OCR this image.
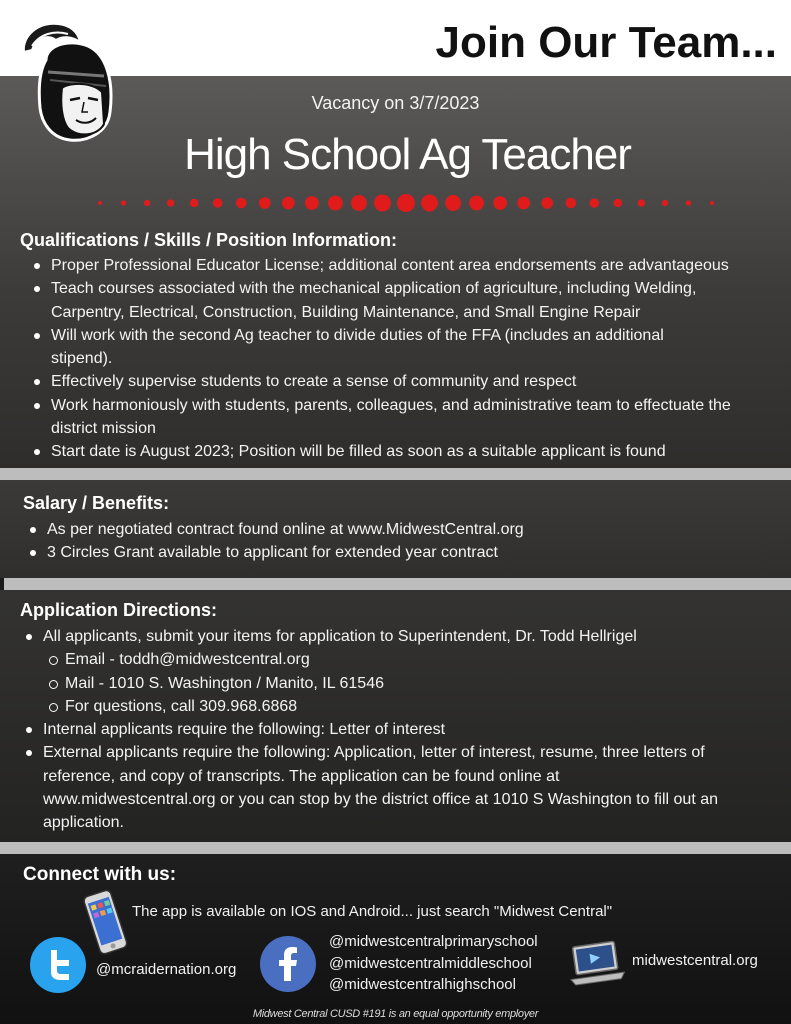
Join Our Team...
Vacancy on 3/7/2023
High School Ag Teacher
Qualifications / Skills / Position Information:
Proper Professional Educator License; additional content area endorsements are advantageous
Teach courses associated with the mechanical application of agriculture, including Welding, Carpentry, Electrical, Construction, Building Maintenance, and Small Engine Repair
Will work with the second Ag teacher to divide duties of the FFA (includes an additional stipend).
Effectively supervise students to create a sense of community and respect
Work harmoniously with students, parents, colleagues, and administrative team to effectuate the district mission
Start date is August 2023; Position will be filled as soon as a suitable applicant is found
Salary / Benefits:
As per negotiated contract found online at www.MidwestCentral.org
3 Circles Grant available to applicant for extended year contract
Application Directions:
All applicants, submit your items for application to Superintendent, Dr. Todd Hellrigel
Email - toddh@midwestcentral.org
Mail - 1010 S. Washington / Manito, IL 61546
For questions, call 309.968.6868
Internal applicants require the following: Letter of interest
External applicants require the following: Application, letter of interest, resume, three letters of reference, and copy of transcripts. The application can be found online at www.midwestcentral.org or you can stop by the district office at 1010 S Washington to fill out an application.
Connect with us:
The app is available on IOS and Android... just search "Midwest Central"
@mcraidernation.org
@midwestcentralprimaryschool
@midwestcentralmiddleschool
@midwestcentralhighschool
midwestcentral.org
Midwest Central CUSD #191 is an equal opportunity employer
